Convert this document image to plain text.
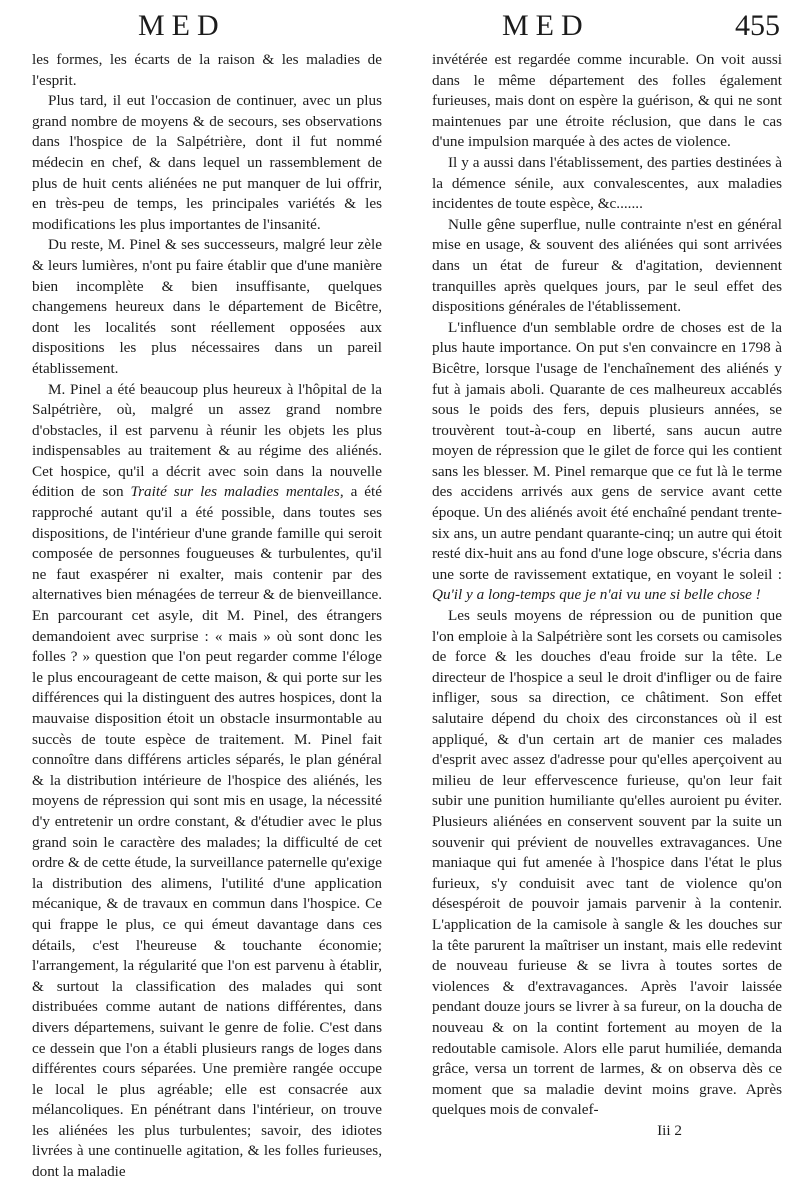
MED	MED	455

les formes, les écarts de la raison & les maladies de l'esprit.

Plus tard, il eut l'occasion de continuer, avec un plus grand nombre de moyens & de secours, ses observations dans l'hospice de la Salpétrière, dont il fut nommé médecin en chef, & dans lequel un rassemblement de plus de huit cents aliénées ne put manquer de lui offrir, en très-peu de temps, les principales variétés & les modifications les plus importantes de l'insanité.

Du reste, M. Pinel & ses successeurs, malgré leur zèle & leurs lumières, n'ont pu faire établir que d'une manière bien incomplète & bien insuffisante, quelques changemens heureux dans le département de Bicêtre, dont les localités sont réellement opposées aux dispositions les plus nécessaires dans un pareil établissement.

M. Pinel a été beaucoup plus heureux à l'hôpital de la Salpétrière, où, malgré un assez grand nombre d'obstacles, il est parvenu à réunir les objets les plus indispensables au traitement & au régime des aliénés. Cet hospice, qu'il a décrit avec soin dans la nouvelle édition de son Traité sur les maladies mentales, a été rapproché autant qu'il a été possible, dans toutes ses dispositions, de l'intérieur d'une grande famille qui seroit composée de personnes fougueuses & turbulentes, qu'il ne faut exaspérer ni exalter, mais contenir par des alternatives bien ménagées de terreur & de bienveillance. En parcourant cet asyle, dit M. Pinel, des étrangers demandoient avec surprise : « mais » où sont donc les folles ? » question que l'on peut regarder comme l'éloge le plus encourageant de cette maison, & qui porte sur les différences qui la distinguent des autres hospices, dont la mauvaise disposition étoit un obstacle insurmontable au succès de toute espèce de traitement. M. Pinel fait connoître dans différens articles séparés, le plan général & la distribution intérieure de l'hospice des aliénés, les moyens de répression qui sont mis en usage, la nécessité d'y entretenir un ordre constant, & d'étudier avec le plus grand soin le caractère des malades; la difficulté de cet ordre & de cette étude, la surveillance paternelle qu'exige la distribution des alimens, l'utilité d'une application mécanique, & de travaux en commun dans l'hospice. Ce qui frappe le plus, ce qui émeut davantage dans ces détails, c'est l'heureuse & touchante économie; l'arrangement, la régularité que l'on est parvenu à établir, & surtout la classification des malades qui sont distribuées comme autant de nations différentes, dans divers départemens, suivant le genre de folie. C'est dans ce dessein que l'on a établi plusieurs rangs de loges dans différentes cours séparées. Une première rangée occupe le local le plus agréable; elle est consacrée aux mélancoliques. En pénétrant dans l'intérieur, on trouve les aliénées les plus turbulentes; savoir, des idiotes livrées à une continuelle agitation, & les folles furieuses, dont la maladie

invétérée est regardée comme incurable. On voit aussi dans le même département des folles également furieuses, mais dont on espère la guérison, & qui ne sont maintenues par une étroite réclusion, que dans le cas d'une impulsion marquée à des actes de violence.

Il y a aussi dans l'établissement, des parties destinées à la démence sénile, aux convalescentes, aux maladies incidentes de toute espèce, &c.......

Nulle gêne superflue, nulle contrainte n'est en général mise en usage, & souvent des aliénées qui sont arrivées dans un état de fureur & d'agitation, deviennent tranquilles après quelques jours, par le seul effet des dispositions générales de l'établissement.

L'influence d'un semblable ordre de choses est de la plus haute importance. On put s'en convaincre en 1798 à Bicêtre, lorsque l'usage de l'enchaînement des aliénés y fut à jamais aboli. Quarante de ces malheureux accablés sous le poids des fers, depuis plusieurs années, se trouvèrent tout-à-coup en liberté, sans aucun autre moyen de répression que le gilet de force qui les contient sans les blesser. M. Pinel remarque que ce fut là le terme des accidens arrivés aux gens de service avant cette époque. Un des aliénés avoit été enchaîné pendant trente-six ans, un autre pendant quarante-cinq; un autre qui étoit resté dix-huit ans au fond d'une loge obscure, s'écria dans une sorte de ravissement extatique, en voyant le soleil : Qu'il y a long-temps que je n'ai vu une si belle chose !

Les seuls moyens de répression ou de punition que l'on emploie à la Salpétrière sont les corsets ou camisoles de force & les douches d'eau froide sur la tête. Le directeur de l'hospice a seul le droit d'infliger ou de faire infliger, sous sa direction, ce châtiment. Son effet salutaire dépend du choix des circonstances où il est appliqué, & d'un certain art de manier ces malades d'esprit avec assez d'adresse pour qu'elles aperçoivent au milieu de leur effervescence furieuse, qu'on leur fait subir une punition humiliante qu'elles auroient pu éviter. Plusieurs aliénées en conservent souvent par la suite un souvenir qui prévient de nouvelles extravagances. Une maniaque qui fut amenée à l'hospice dans l'état le plus furieux, s'y conduisit avec tant de violence qu'on désespéroit de pouvoir jamais parvenir à la contenir. L'application de la camisole à sangle & les douches sur la tête parurent la maîtriser un instant, mais elle redevint de nouveau furieuse & se livra à toutes sortes de violences & d'extravagances. Après l'avoir laissée pendant douze jours se livrer à sa fureur, on la doucha de nouveau & on la contint fortement au moyen de la redoutable camisole. Alors elle parut humiliée, demanda grâce, versa un torrent de larmes, & on observa dès ce moment que sa maladie devint moins grave. Après quelques mois de convalef-

Iii 2
